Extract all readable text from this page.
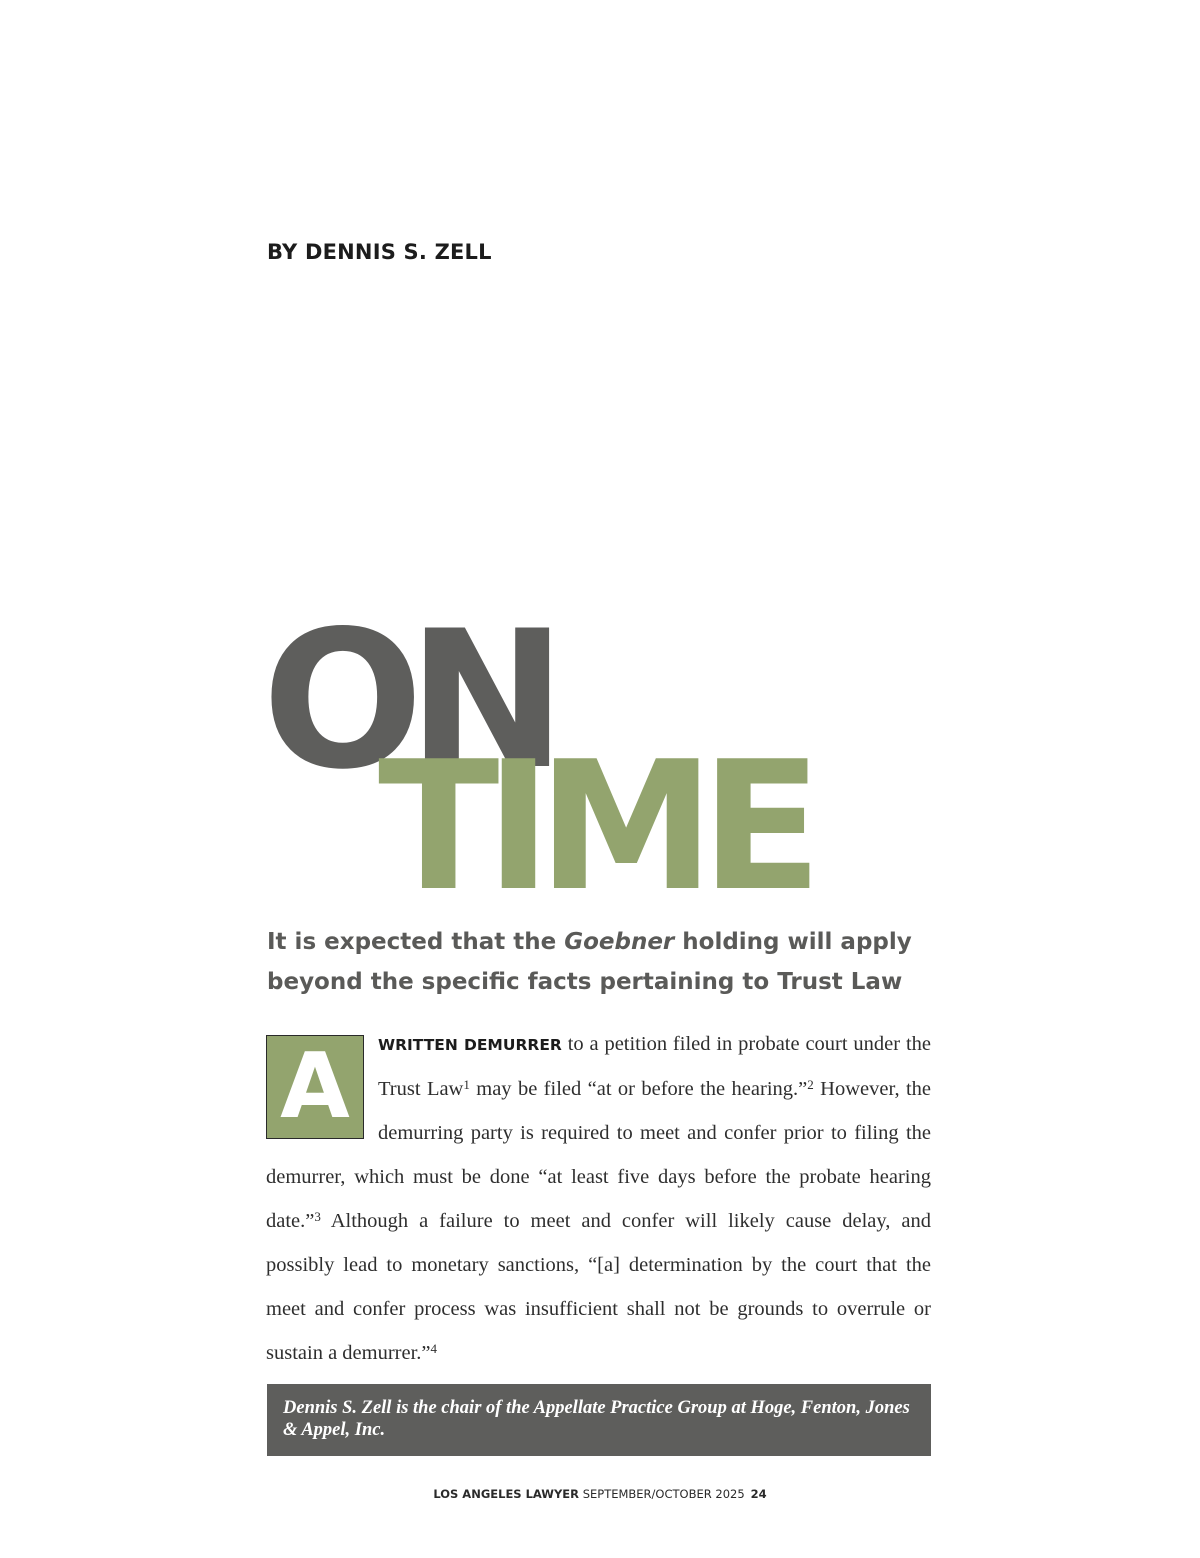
BY DENNIS S. ZELL
ON
TIME
It is expected that the Goebner holding will apply beyond the specific facts pertaining to Trust Law
A	WRITTEN DEMURRER to a petition filed in probate court under the Trust Law$^1$ may be filed “at or before the hearing.”$^2$ However, the demurring party is required to meet and confer prior to filing the demurrer, which must be done “at least five days before the probate hearing date.”$^3$ Although a failure to meet and confer will likely cause delay, and possibly lead to monetary sanctions, “[a] determination by the court that the meet and confer process was insufficient shall not be grounds to overrule or sustain a demurrer.”$^4$
Dennis S. Zell is the chair of the Appellate Practice Group at Hoge, Fenton, Jones & Appel, Inc.
LOS ANGELES LAWYER SEPTEMBER/OCTOBER 2025 24
